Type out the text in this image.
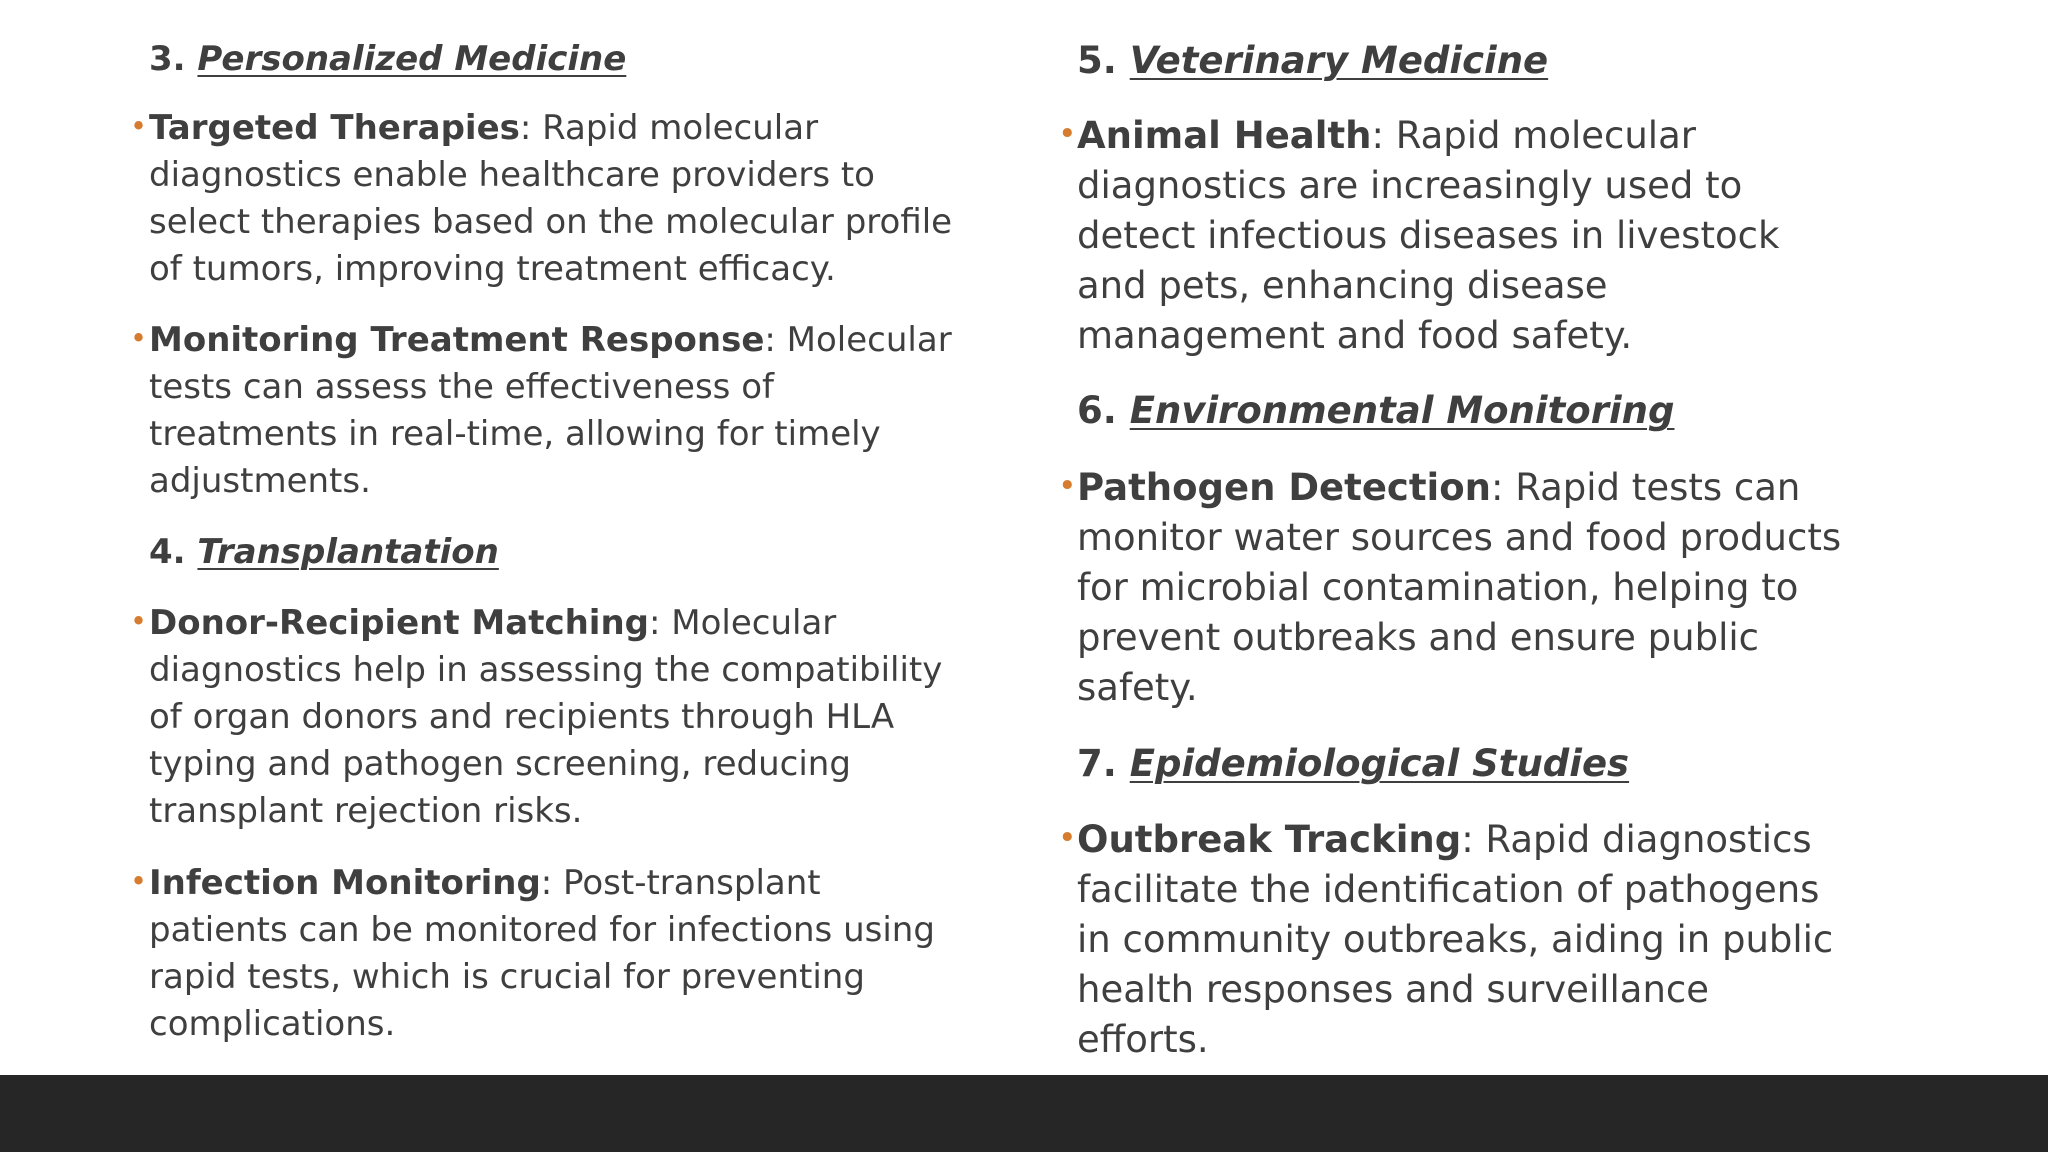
3. Personalized Medicine
• Targeted Therapies: Rapid molecular diagnostics enable healthcare providers to select therapies based on the molecular profile of tumors, improving treatment efficacy.
• Monitoring Treatment Response: Molecular tests can assess the effectiveness of treatments in real-time, allowing for timely adjustments.
4. Transplantation
• Donor-Recipient Matching: Molecular diagnostics help in assessing the compatibility of organ donors and recipients through HLA typing and pathogen screening, reducing transplant rejection risks.
• Infection Monitoring: Post-transplant patients can be monitored for infections using rapid tests, which is crucial for preventing complications.
5. Veterinary Medicine
• Animal Health: Rapid molecular diagnostics are increasingly used to detect infectious diseases in livestock and pets, enhancing disease management and food safety.
6. Environmental Monitoring
• Pathogen Detection: Rapid tests can monitor water sources and food products for microbial contamination, helping to prevent outbreaks and ensure public safety.
7. Epidemiological Studies
• Outbreak Tracking: Rapid diagnostics facilitate the identification of pathogens in community outbreaks, aiding in public health responses and surveillance efforts.
